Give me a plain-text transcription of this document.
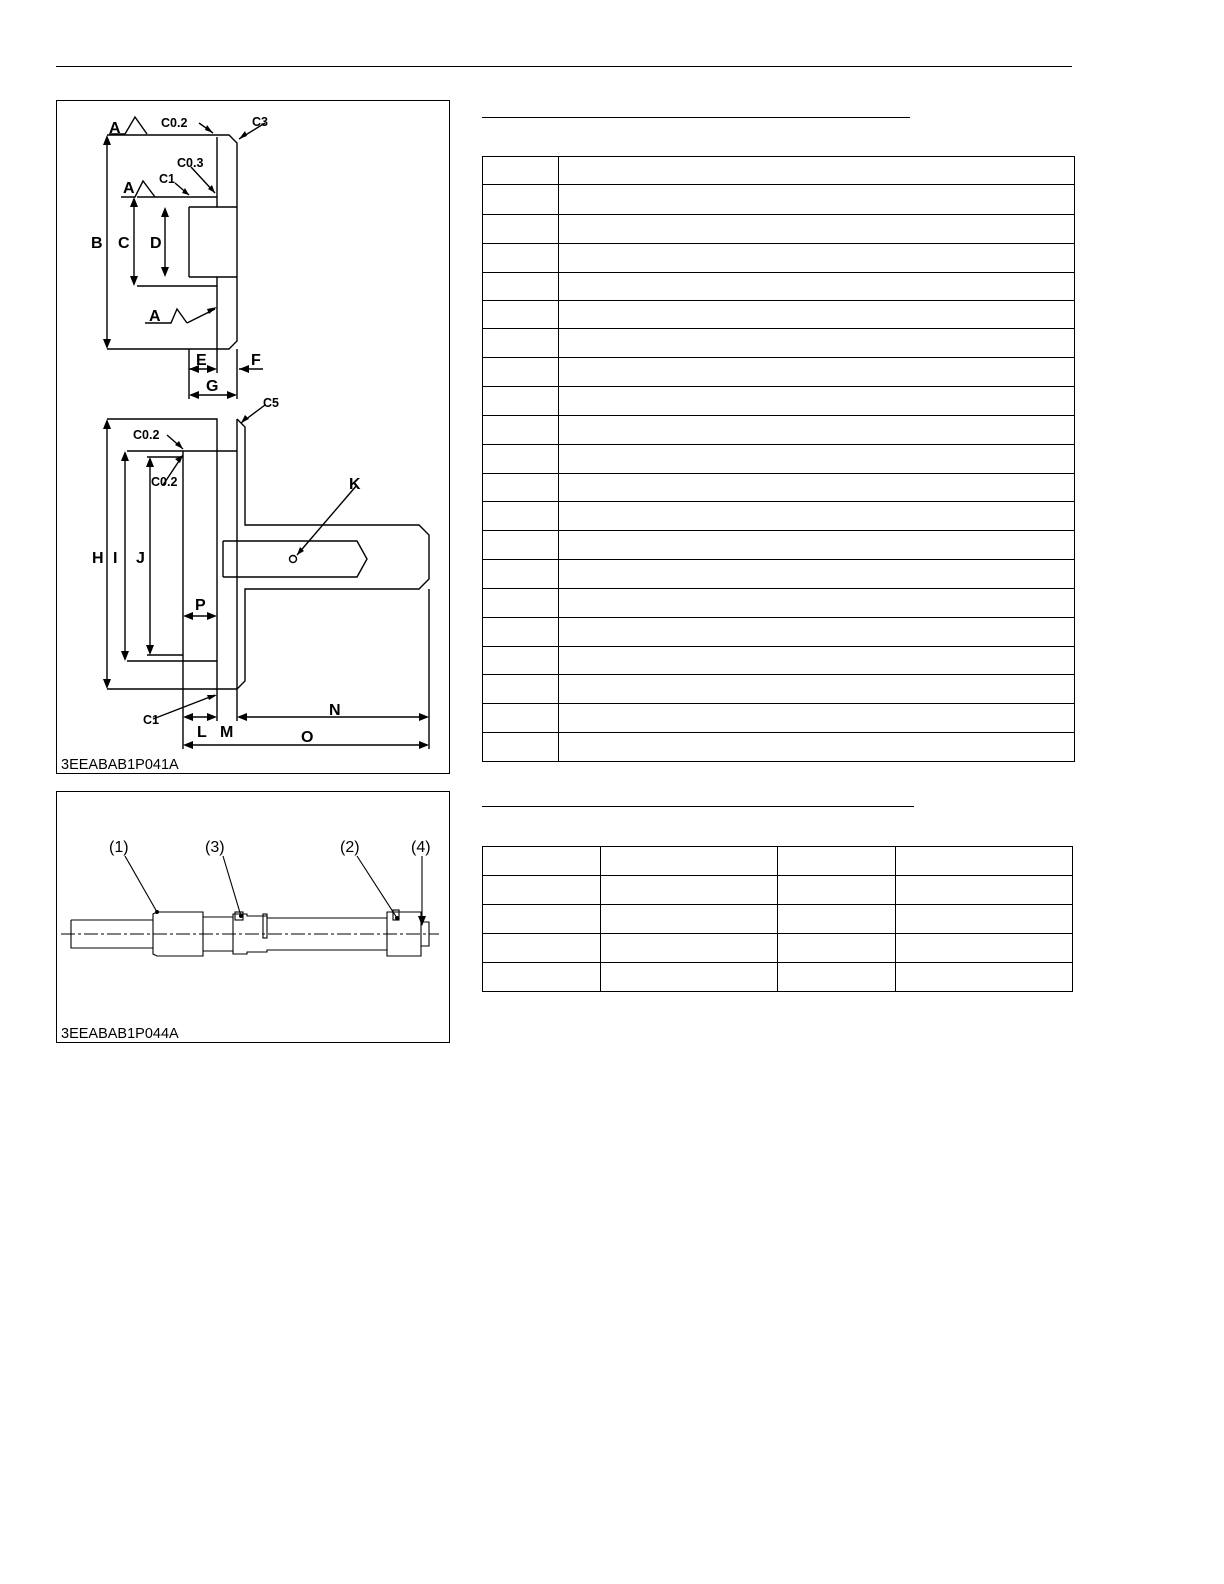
A
A
A
B C D
E	F
G
H I J
K
L M
N
O
P
C0.2	C3
C0.3
C1
C5
C0.2
C0.2
C1
3EEABAB1P041A
(1)	(3)	(2)	(4)
3EEABAB1P044A
